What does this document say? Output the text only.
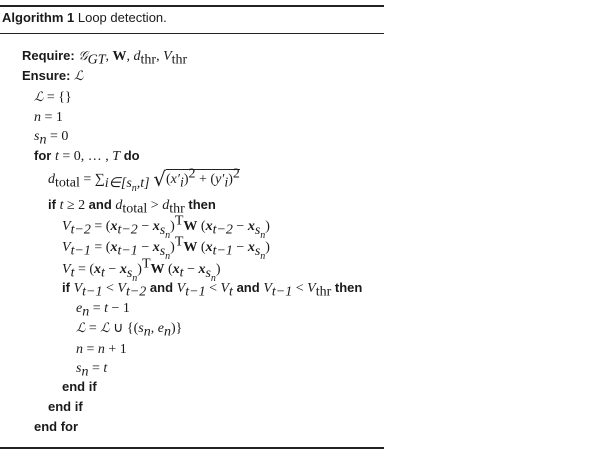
Algorithm 1 Loop detection.
Require: 𝒢$_{GT}$, W, $d_{thr}$, $V_{thr}$
Ensure: ℒ
ℒ = {}
n = 1
$s_n = 0$
for t = 0, … , T do
$d_{total} = \sum_{i\in[s_n,t]}$ $√(x'_i)^2 + (y'_i)^2$
if t ≥ 2 and $d_{total} > d_{thr}$ then
$V_{t-2} = (x_{t-2} - x_{s_n})^TW$ $(x_{t-2} - x_{s_n})$
$V_{t-1} = (x_{t-1} - x_{s_n})^TW$ $(x_{t-1} - x_{s_n})$
$V_t = (x_t - x_{s_n})^TW$ $(x_t - x_{s_n})$
if $V_{t-1} < V_{t-2}$ and $V_{t-1} < V_t$ and $V_{t-1} < V_{thr}$ then
$e_n = t - 1$
ℒ = ℒ ∪ {($s_n$, $e_n$)}
n = n + 1
$s_n = t$
end if
end if
end for
